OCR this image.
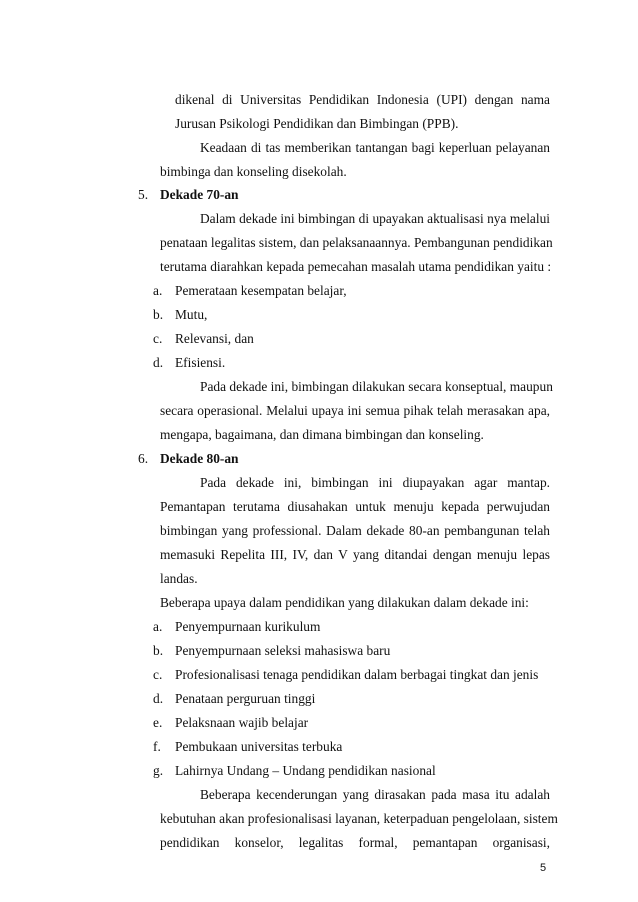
dikenal di Universitas Pendidikan Indonesia (UPI) dengan nama
Jurusan Psikologi Pendidikan dan Bimbingan (PPB).
Keadaan di tas memberikan tantangan bagi keperluan pelayanan
bimbinga dan konseling disekolah.
5. Dekade 70-an
Dalam dekade ini bimbingan di upayakan aktualisasi nya melalui
penataan legalitas sistem, dan pelaksanaannya. Pembangunan pendidikan
terutama diarahkan kepada pemecahan masalah utama pendidikan yaitu :
a. Pemerataan kesempatan belajar,
b. Mutu,
c. Relevansi, dan
d. Efisiensi.
Pada dekade ini, bimbingan dilakukan secara konseptual, maupun
secara operasional. Melalui upaya ini semua pihak telah merasakan apa,
mengapa, bagaimana, dan dimana bimbingan dan konseling.
6. Dekade 80-an
Pada dekade ini, bimbingan ini diupayakan agar mantap.
Pemantapan terutama diusahakan untuk menuju kepada perwujudan
bimbingan yang professional. Dalam dekade 80-an pembangunan telah
memasuki Repelita III, IV, dan V yang ditandai dengan menuju lepas
landas.
Beberapa upaya dalam pendidikan yang dilakukan dalam dekade ini:
a. Penyempurnaan kurikulum
b. Penyempurnaan seleksi mahasiswa baru
c. Profesionalisasi tenaga pendidikan dalam berbagai tingkat dan jenis
d. Penataan perguruan tinggi
e. Pelaksnaan wajib belajar
f. Pembukaan universitas terbuka
g. Lahirnya Undang – Undang pendidikan nasional
Beberapa kecenderungan yang dirasakan pada masa itu adalah
kebutuhan akan profesionalisasi layanan, keterpaduan pengelolaan, sistem
pendidikan konselor, legalitas formal, pemantapan organisasi,
5
